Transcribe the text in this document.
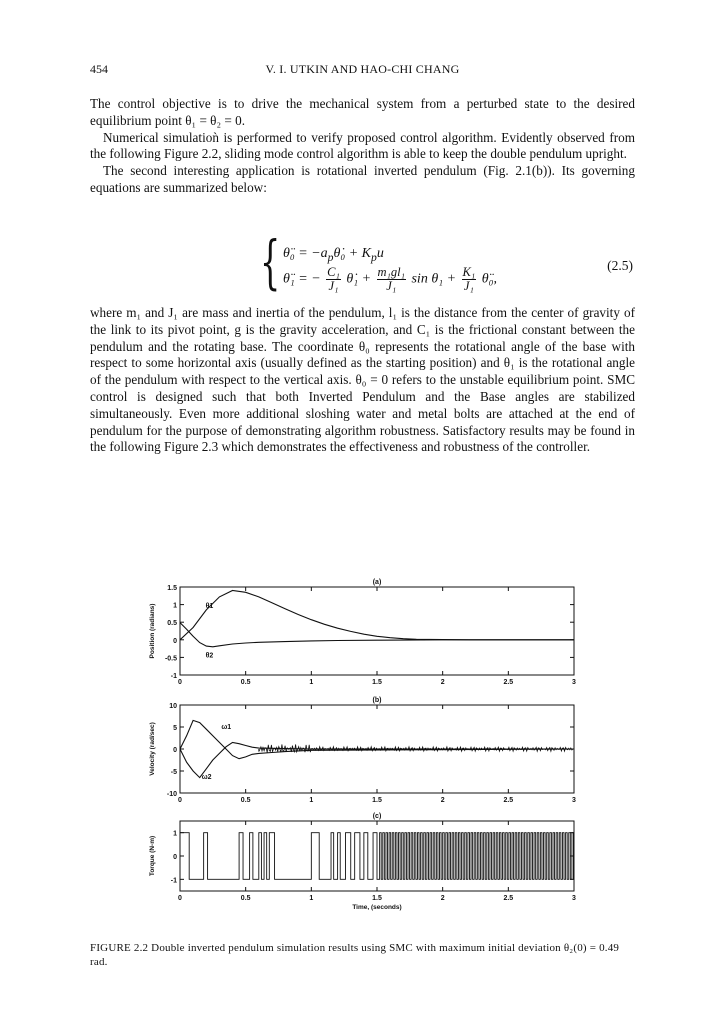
454	V. I. UTKIN AND HAO-CHI CHANG

The control objective is to drive the mechanical system from a perturbed state to the desired equilibrium point θ₁ = θ₂ = 0.

Numerical simulatioǹ is performed to verify proposed control algorithm. Evidently observed from the following Figure 2.2, sliding mode control algorithm is able to keep the double pendulum upright.

The second interesting application is rotational inverted pendulum (Fig. 2.1(b)). Its governing equations are summarized below:

{ θ̈₀ = $-a_p\thetȧ_0 + K_pu$
θ̈₁ = − $\frac{\text{C₁}}{\text{J₁}}$ θ̇₁ + $\frac{\text{m₁gl₁}}{\text{J₁}}$ $\sin \theta_1 + \frac{\text{K₁}}{\text{J₁}}$ θ̈₀,
(2.5)

where m₁ and J₁ are mass and inertia of the pendulum, l₁ is the distance from the center of gravity of the link to its pivot point, g is the gravity acceleration, and C₁ is the frictional constant between the pendulum and the rotating base. The coordinate θ₀ represents the rotational angle of the base with respect to some horizontal axis (usually defined as the starting position) and θ₁ is the rotational angle of the pendulum with respect to the vertical axis. θ₀ = 0 refers to the unstable equilibrium point. SMC control is designed such that both Inverted Pendulum and the Base angles are stabilized simultaneously. Even more additional sloshing water and metal bolts are attached at the end of pendulum for the purpose of demonstrating algorithm robustness. Satisfactory results may be found in the following Figure 2.3 which demonstrates the effectiveness and robustness of the controller.

(a)
0	0.5	1	1.5	2	2.5	3
-1
-0.5
0
0.5
1
1.5
Position (radians)	θ1
θ2
(b)
0	0.5	1	1.5	2	2.5	3
-10
-5
0
5
10
Velocity (rad/sec)	ω1
ω2
(c)
0	0.5	1	1.5	2	2.5	3
-1
0
1
Torque (N-m)
Time, (seconds)
FIGURE 2.2 Double inverted pendulum simulation results using SMC with maximum initial deviation θ₂(0) = 0.49 rad.
